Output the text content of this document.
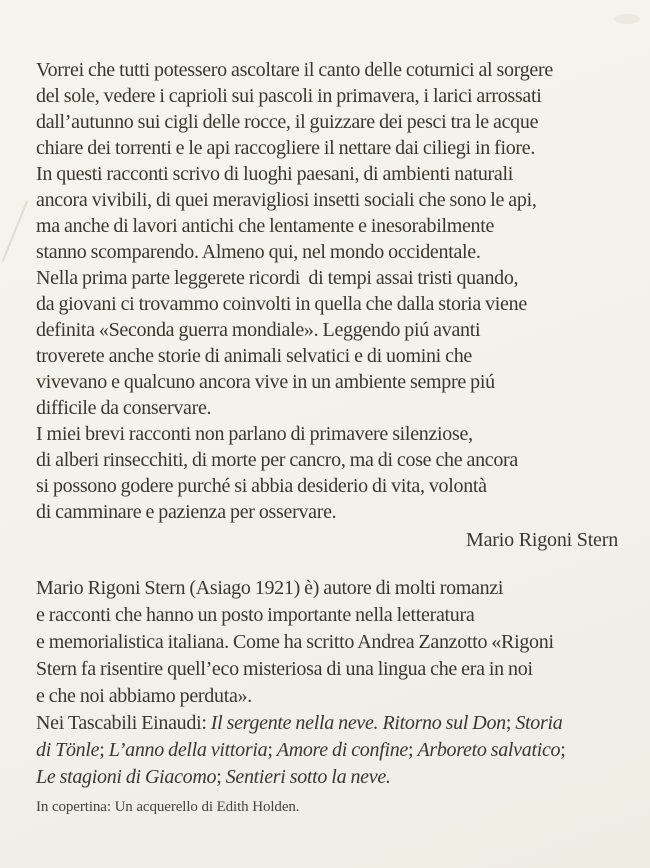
Vorrei che tutti potessero ascoltare il canto delle coturnici al sorgere
del sole, vedere i caprioli sui pascoli in primavera, i larici arrossati
dall’autunno sui cigli delle rocce, il guizzare dei pesci tra le acque
chiare dei torrenti e le api raccogliere il nettare dai ciliegi in fiore.
In questi racconti scrivo di luoghi paesani, di ambienti naturali
ancora vivibili, di quei meravigliosi insetti sociali che sono le api,
ma anche di lavori antichi che lentamente e inesorabilmente
stanno scomparendo. Almeno qui, nel mondo occidentale.
Nella prima parte leggerete ricordi  di tempi assai tristi quando,
da giovani ci trovammo coinvolti in quella che dalla storia viene
definita «Seconda guerra mondiale». Leggendo piú avanti
troverete anche storie di animali selvatici e di uomini che
vivevano e qualcuno ancora vive in un ambiente sempre piú
difficile da conservare.
I miei brevi racconti non parlano di primavere silenziose,
di alberi rinsecchiti, di morte per cancro, ma di cose che ancora
si possono godere purché si abbia desiderio di vita, volontà
di camminare e pazienza per osservare.
Mario Rigoni Stern
Mario Rigoni Stern (Asiago 1921) è) autore di molti romanzi
e racconti che hanno un posto importante nella letteratura
e memorialistica italiana. Come ha scritto Andrea Zanzotto «Rigoni
Stern fa risentire quell’eco misteriosa di una lingua che era in noi
e che noi abbiamo perduta».
Nei Tascabili Einaudi: Il sergente nella neve. Ritorno sul Don; Storia
di Tönle; L’anno della vittoria; Amore di confine; Arboreto salvatico;
Le stagioni di Giacomo; Sentieri sotto la neve.
In copertina: Un acquerello di Edith Holden.
